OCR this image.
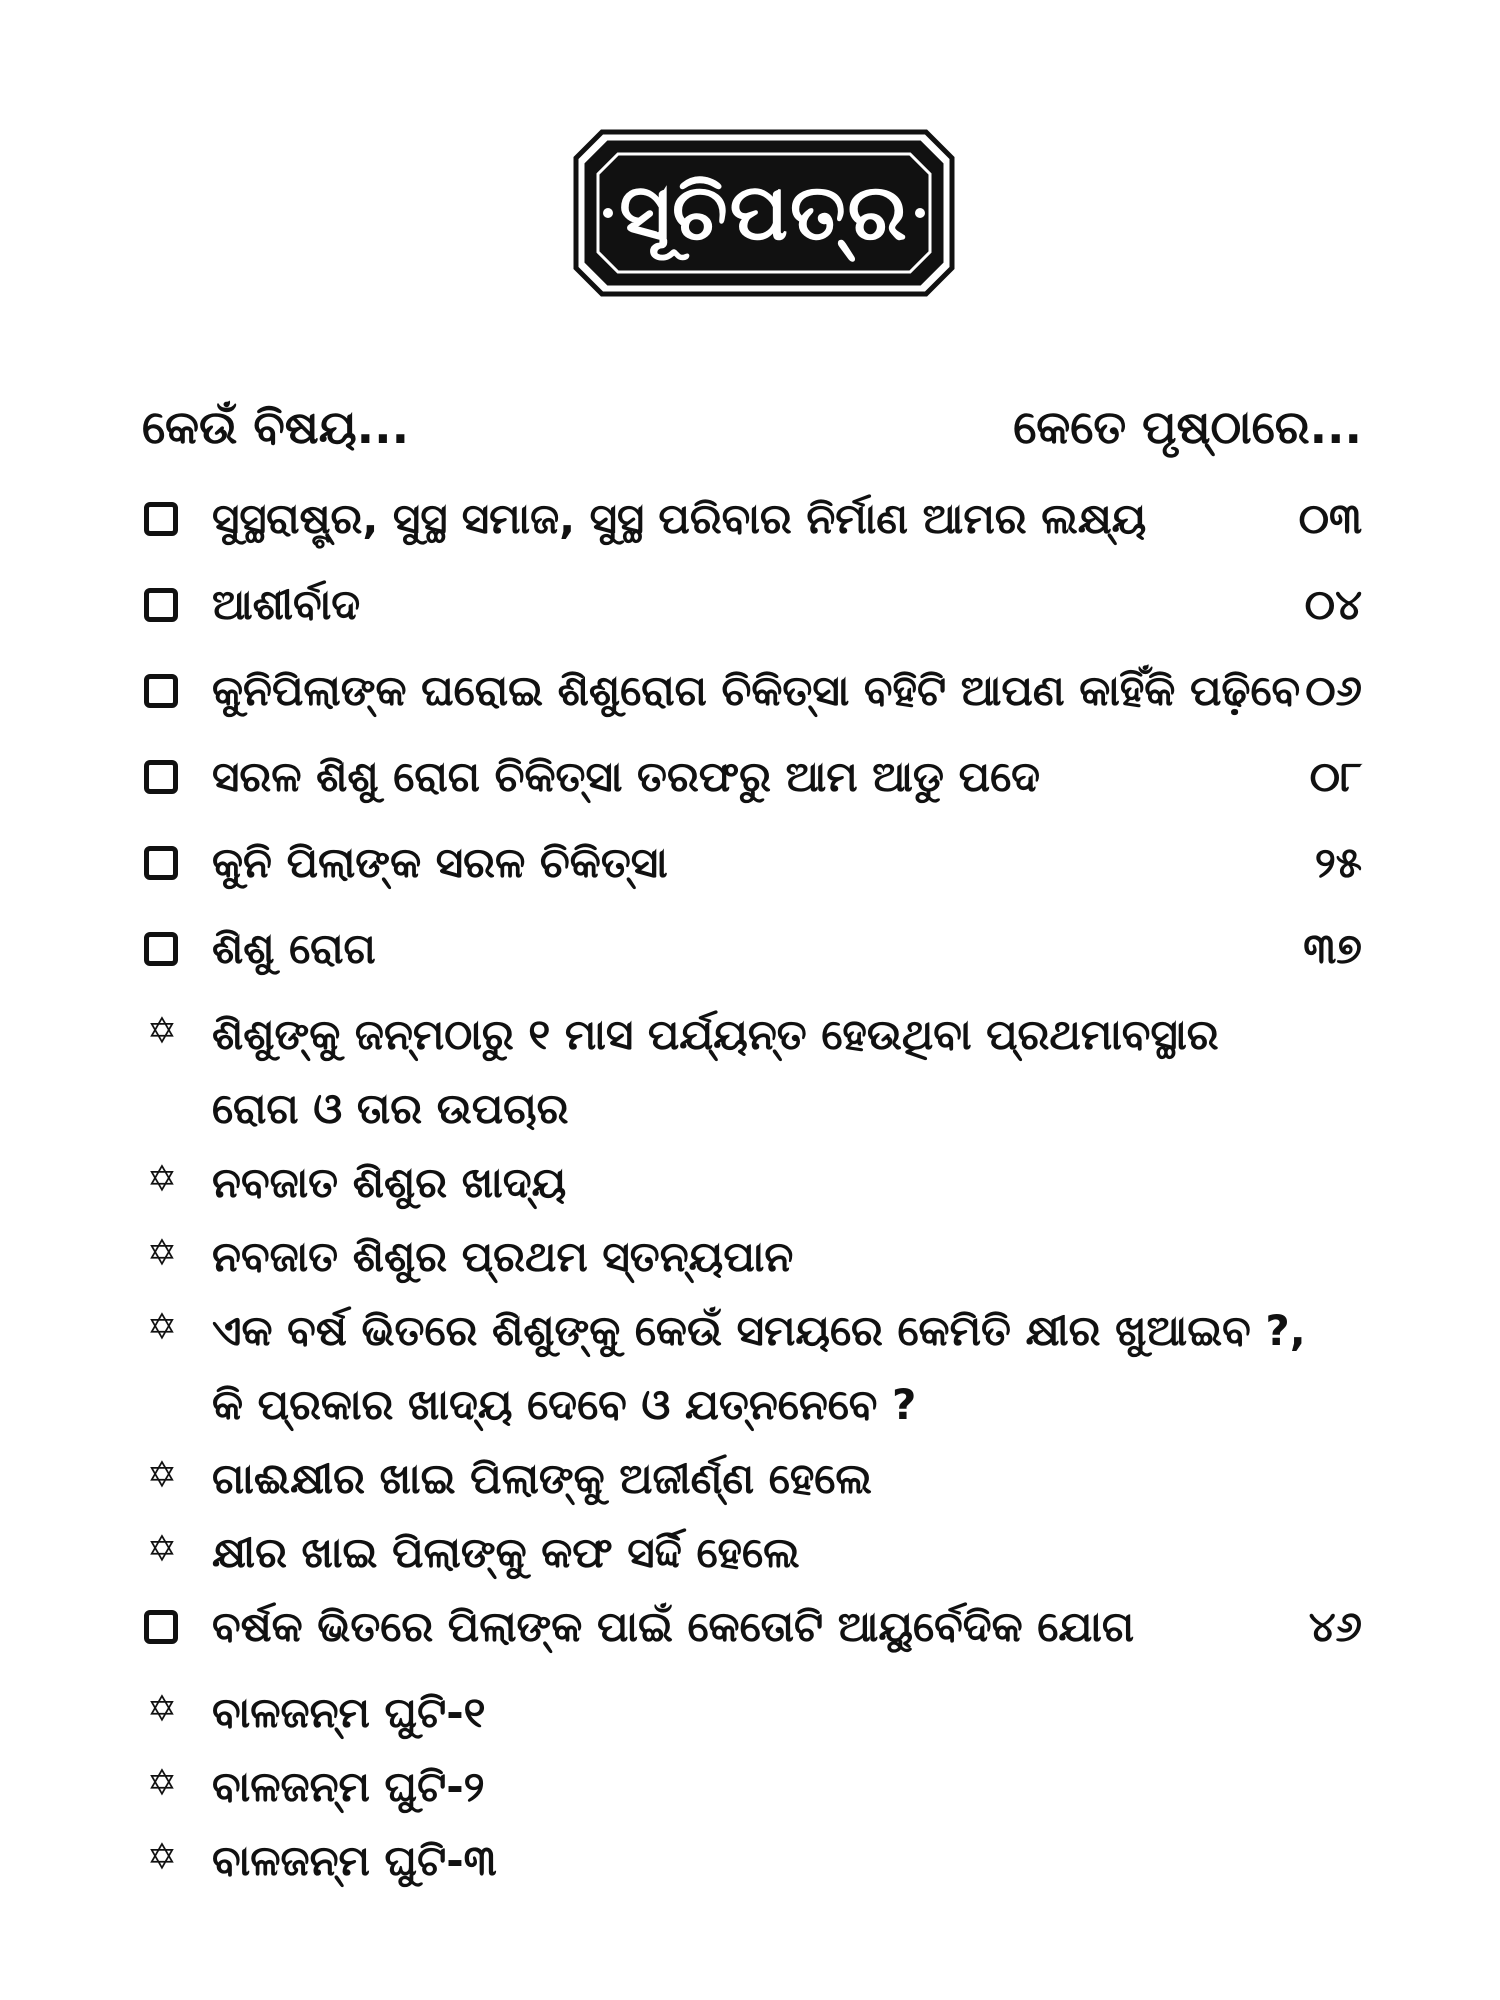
ସୂଚିପତ୍ର
କେଉଁ ବିଷୟ...	କେତେ ପୃଷ୍ଠାରେ...
ସୁସ୍ଥରାଷ୍ଟ୍ର, ସୁସ୍ଥ ସମାଜ, ସୁସ୍ଥ ପରିବାର ନିର୍ମାଣ ଆମର ଲକ୍ଷ୍ୟ	୦୩
ଆଶୀର୍ବାଦ	୦୪
କୁନିପିଲାଙ୍କ ଘରୋଇ ଶିଶୁରୋଗ ଚିକିତ୍ସା ବହିଟି ଆପଣ କାହିଁକି ପଢ଼ିବେ ୦୬
ସରଳ ଶିଶୁ ରୋଗ ଚିକିତ୍ସା ତରଫରୁ ଆମ ଆଡୁ ପଦେ	୦୮
କୁନି ପିଲାଙ୍କ ସରଳ ଚିକିତ୍ସା	୨୫
ଶିଶୁ ରୋଗ	୩୭
✡ ଶିଶୁଙ୍କୁ ଜନ୍ମଠାରୁ ୧ ମାସ ପର୍ଯ୍ୟନ୍ତ ହେଉଥିବା ପ୍ରଥମାବସ୍ଥାର
ରୋଗ ଓ ତାର ଉପଚାର
✡ ନବଜାତ ଶିଶୁର ଖାଦ୍ୟ
✡ ନବଜାତ ଶିଶୁର ପ୍ରଥମ ସ୍ତନ୍ୟପାନ
✡ ଏକ ବର୍ଷ ଭିତରେ ଶିଶୁଙ୍କୁ କେଉଁ ସମୟରେ କେମିତି କ୍ଷୀର ଖୁଆଇବ ?,
କି ପ୍ରକାର ଖାଦ୍ୟ ଦେବେ ଓ ଯତ୍ନନେବେ ?
✡ ଗାଈକ୍ଷୀର ଖାଇ ପିଲାଙ୍କୁ ଅଜୀର୍ଣ୍ଣ ହେଲେ
✡ କ୍ଷୀର ଖାଇ ପିଲାଙ୍କୁ କଫ ସର୍ଦ୍ଦି ହେଲେ
ବର୍ଷକ ଭିତରେ ପିଲାଙ୍କ ପାଇଁ କେତୋଟି ଆୟୁର୍ବେଦିକ ଯୋଗ	୪୬
✡ ବାଳଜନ୍ମ ଘୁଟି-୧
✡ ବାଳଜନ୍ମ ଘୁଟି-୨
✡ ବାଳଜନ୍ମ ଘୁଟି-୩
